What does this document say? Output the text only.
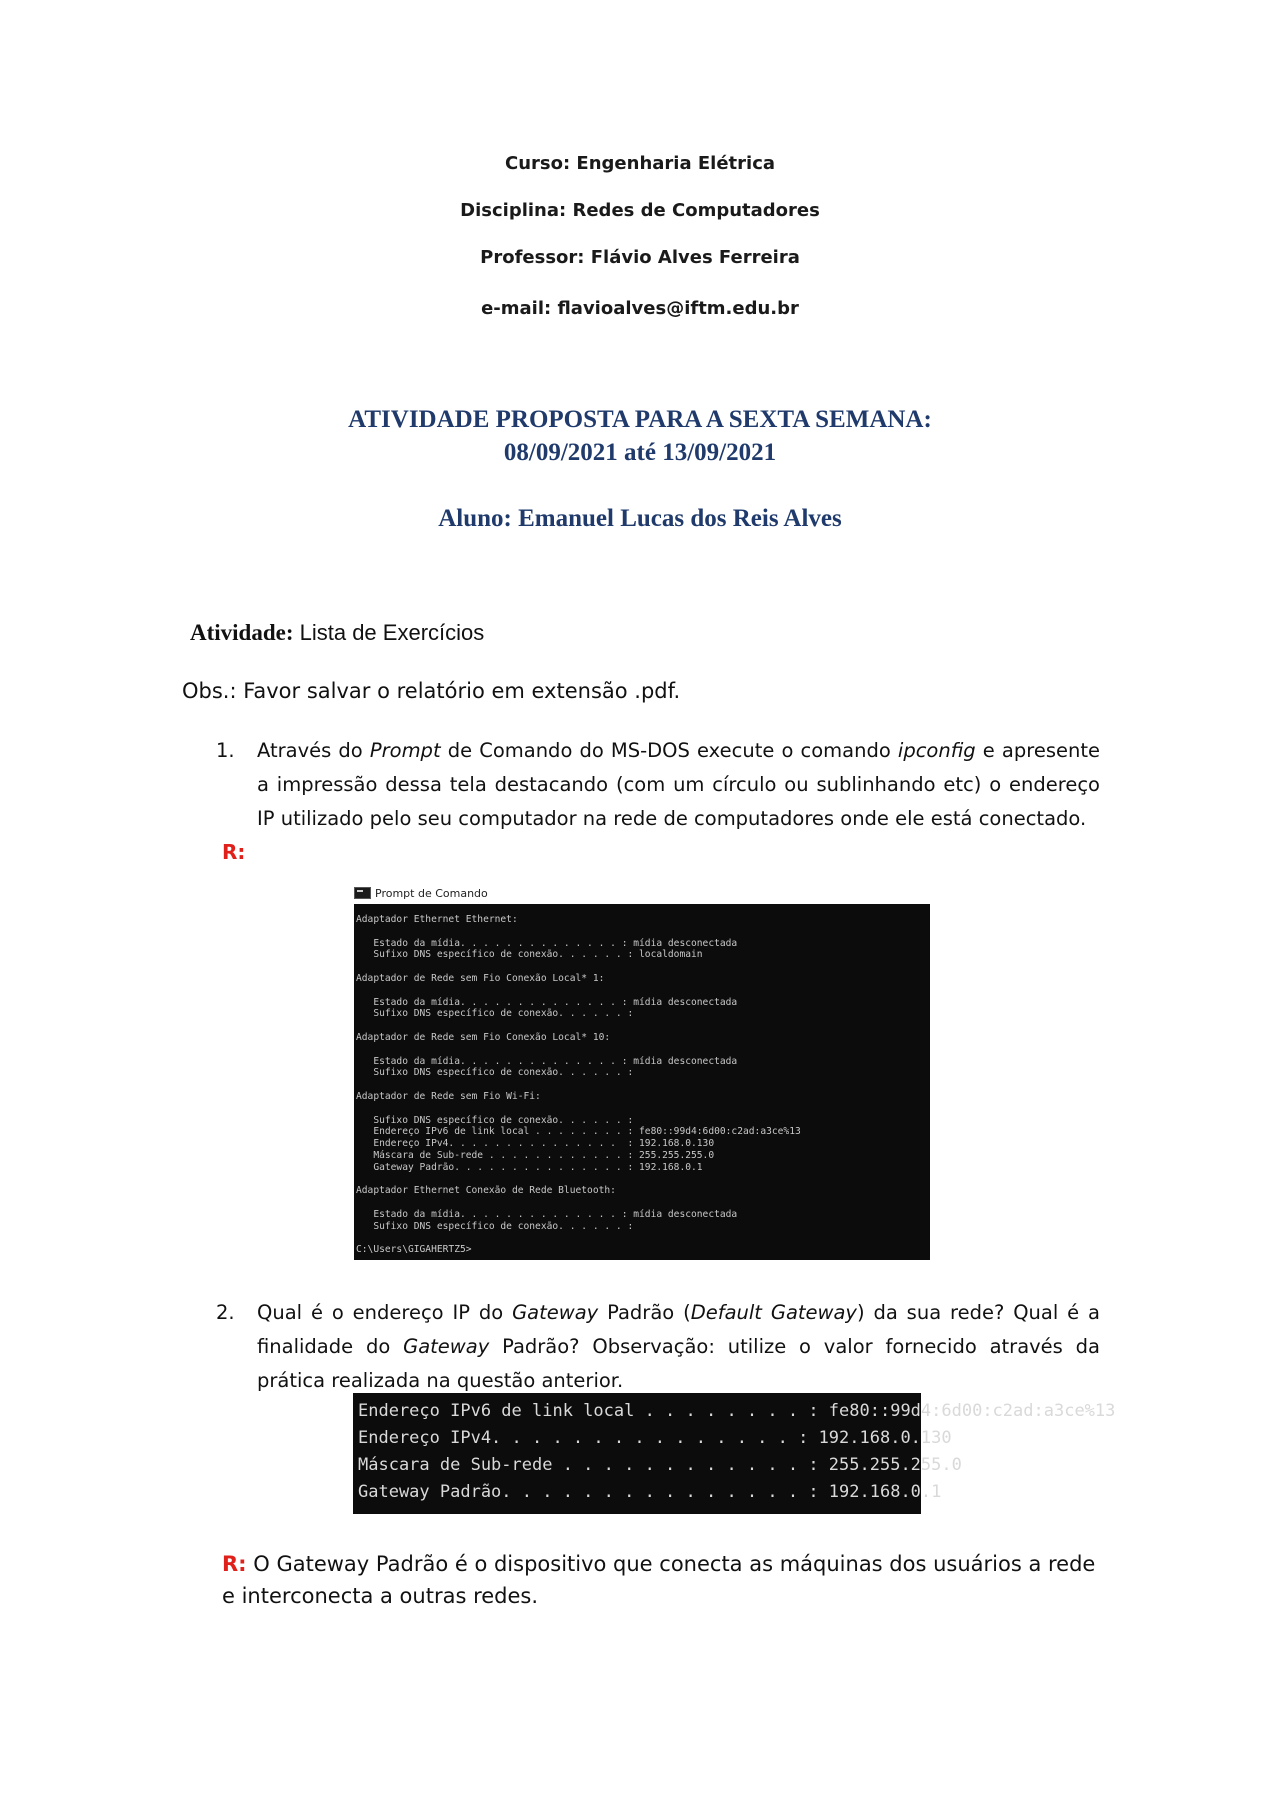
Curso: Engenharia Elétrica
Disciplina: Redes de Computadores
Professor: Flávio Alves Ferreira
e-mail: flavioalves@iftm.edu.br
ATIVIDADE PROPOSTA PARA A SEXTA SEMANA:
08/09/2021 até 13/09/2021
Aluno: Emanuel Lucas dos Reis Alves
Atividade: Lista de Exercícios
Obs.: Favor salvar o relatório em extensão .pdf.
1. Através do Prompt de Comando do MS-DOS execute o comando ipconfig e apresente a impressão dessa tela destacando (com um círculo ou sublinhando etc) o endereço IP utilizado pelo seu computador na rede de computadores onde ele está conectado.
R:
Prompt de Comando
Adaptador Ethernet Ethernet:

Estado da mídia. . . . . . . . . . . . . . : mídia desconectada
Sufixo DNS específico de conexão. . . . . . : localdomain

Adaptador de Rede sem Fio Conexão Local* 1:

Estado da mídia. . . . . . . . . . . . . . : mídia desconectada
Sufixo DNS específico de conexão. . . . . . :

Adaptador de Rede sem Fio Conexão Local* 10:

Estado da mídia. . . . . . . . . . . . . . : mídia desconectada
Sufixo DNS específico de conexão. . . . . . :

Adaptador de Rede sem Fio Wi-Fi:

Sufixo DNS específico de conexão. . . . . . :
Endereço IPv6 de link local . . . . . . . . : fe80::99d4:6d00:c2ad:a3ce%13
Endereço IPv4. . . . . . . . . . . . . . .  : 192.168.0.130
Máscara de Sub-rede . . . . . . . . . . . . : 255.255.255.0
Gateway Padrão. . . . . . . . . . . . . . . : 192.168.0.1

Adaptador Ethernet Conexão de Rede Bluetooth:

Estado da mídia. . . . . . . . . . . . . . : mídia desconectada
Sufixo DNS específico de conexão. . . . . . :

C:\Users\GIGAHERTZ5>
2. Qual é o endereço IP do Gateway Padrão (Default Gateway) da sua rede? Qual é a finalidade do Gateway Padrão? Observação: utilize o valor fornecido através da prática realizada na questão anterior.
Endereço IPv6 de link local . . . . . . . . : fe80::99d4:6d00:c2ad:a3ce%13
Endereço IPv4. . . . . . . . . . . . . . . : 192.168.0.130
Máscara de Sub-rede . . . . . . . . . . . . : 255.255.255.0
Gateway Padrão. . . . . . . . . . . . . . . : 192.168.0.1
R: O Gateway Padrão é o dispositivo que conecta as máquinas dos usuários a rede e interconecta a outras redes.
